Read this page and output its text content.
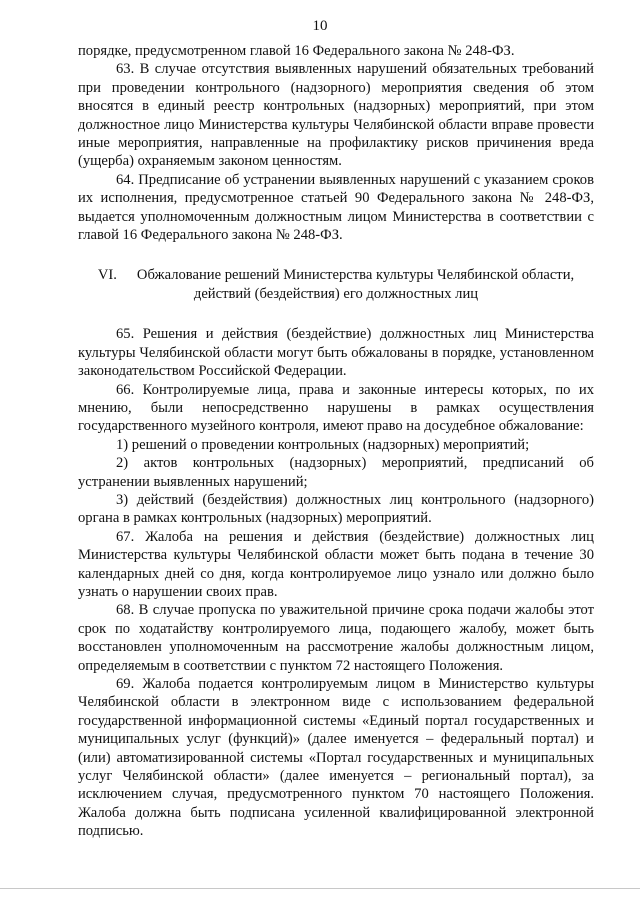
10

порядке, предусмотренном главой 16 Федерального закона № 248-ФЗ.

63. В случае отсутствия выявленных нарушений обязательных требований при проведении контрольного (надзорного) мероприятия сведения об этом вносятся в единый реестр контрольных (надзорных) мероприятий, при этом должностное лицо Министерства культуры Челябинской области вправе провести иные мероприятия, направленные на профилактику рисков причинения вреда (ущерба) охраняемым законом ценностям.

64. Предписание об устранении выявленных нарушений с указанием сроков их исполнения, предусмотренное статьей 90 Федерального закона № 248-ФЗ, выдается уполномоченным должностным лицом Министерства в соответствии с главой 16 Федерального закона № 248-ФЗ.

VI. Обжалование решений Министерства культуры Челябинской области,
действий (бездействия) его должностных лиц

65. Решения и действия (бездействие) должностных лиц Министерства культуры Челябинской области могут быть обжалованы в порядке, установленном законодательством Российской Федерации.

66. Контролируемые лица, права и законные интересы которых, по их мнению, были непосредственно нарушены в рамках осуществления государственного музейного контроля, имеют право на досудебное обжалование:

1) решений о проведении контрольных (надзорных) мероприятий;

2) актов контрольных (надзорных) мероприятий, предписаний об устранении выявленных нарушений;

3) действий (бездействия) должностных лиц контрольного (надзорного) органа в рамках контрольных (надзорных) мероприятий.

67. Жалоба на решения и действия (бездействие) должностных лиц Министерства культуры Челябинской области может быть подана в течение 30 календарных дней со дня, когда контролируемое лицо узнало или должно было узнать о нарушении своих прав.

68. В случае пропуска по уважительной причине срока подачи жалобы этот срок по ходатайству контролируемого лица, подающего жалобу, может быть восстановлен уполномоченным на рассмотрение жалобы должностным лицом, определяемым в соответствии с пунктом 72 настоящего Положения.

69. Жалоба подается контролируемым лицом в Министерство культуры Челябинской области в электронном виде с использованием федеральной государственной информационной системы «Единый портал государственных и муниципальных услуг (функций)» (далее именуется – федеральный портал) и (или) автоматизированной системы «Портал государственных и муниципальных услуг Челябинской области» (далее именуется – региональный портал), за исключением случая, предусмотренного пунктом 70 настоящего Положения. Жалоба должна быть подписана усиленной квалифицированной электронной подписью.
